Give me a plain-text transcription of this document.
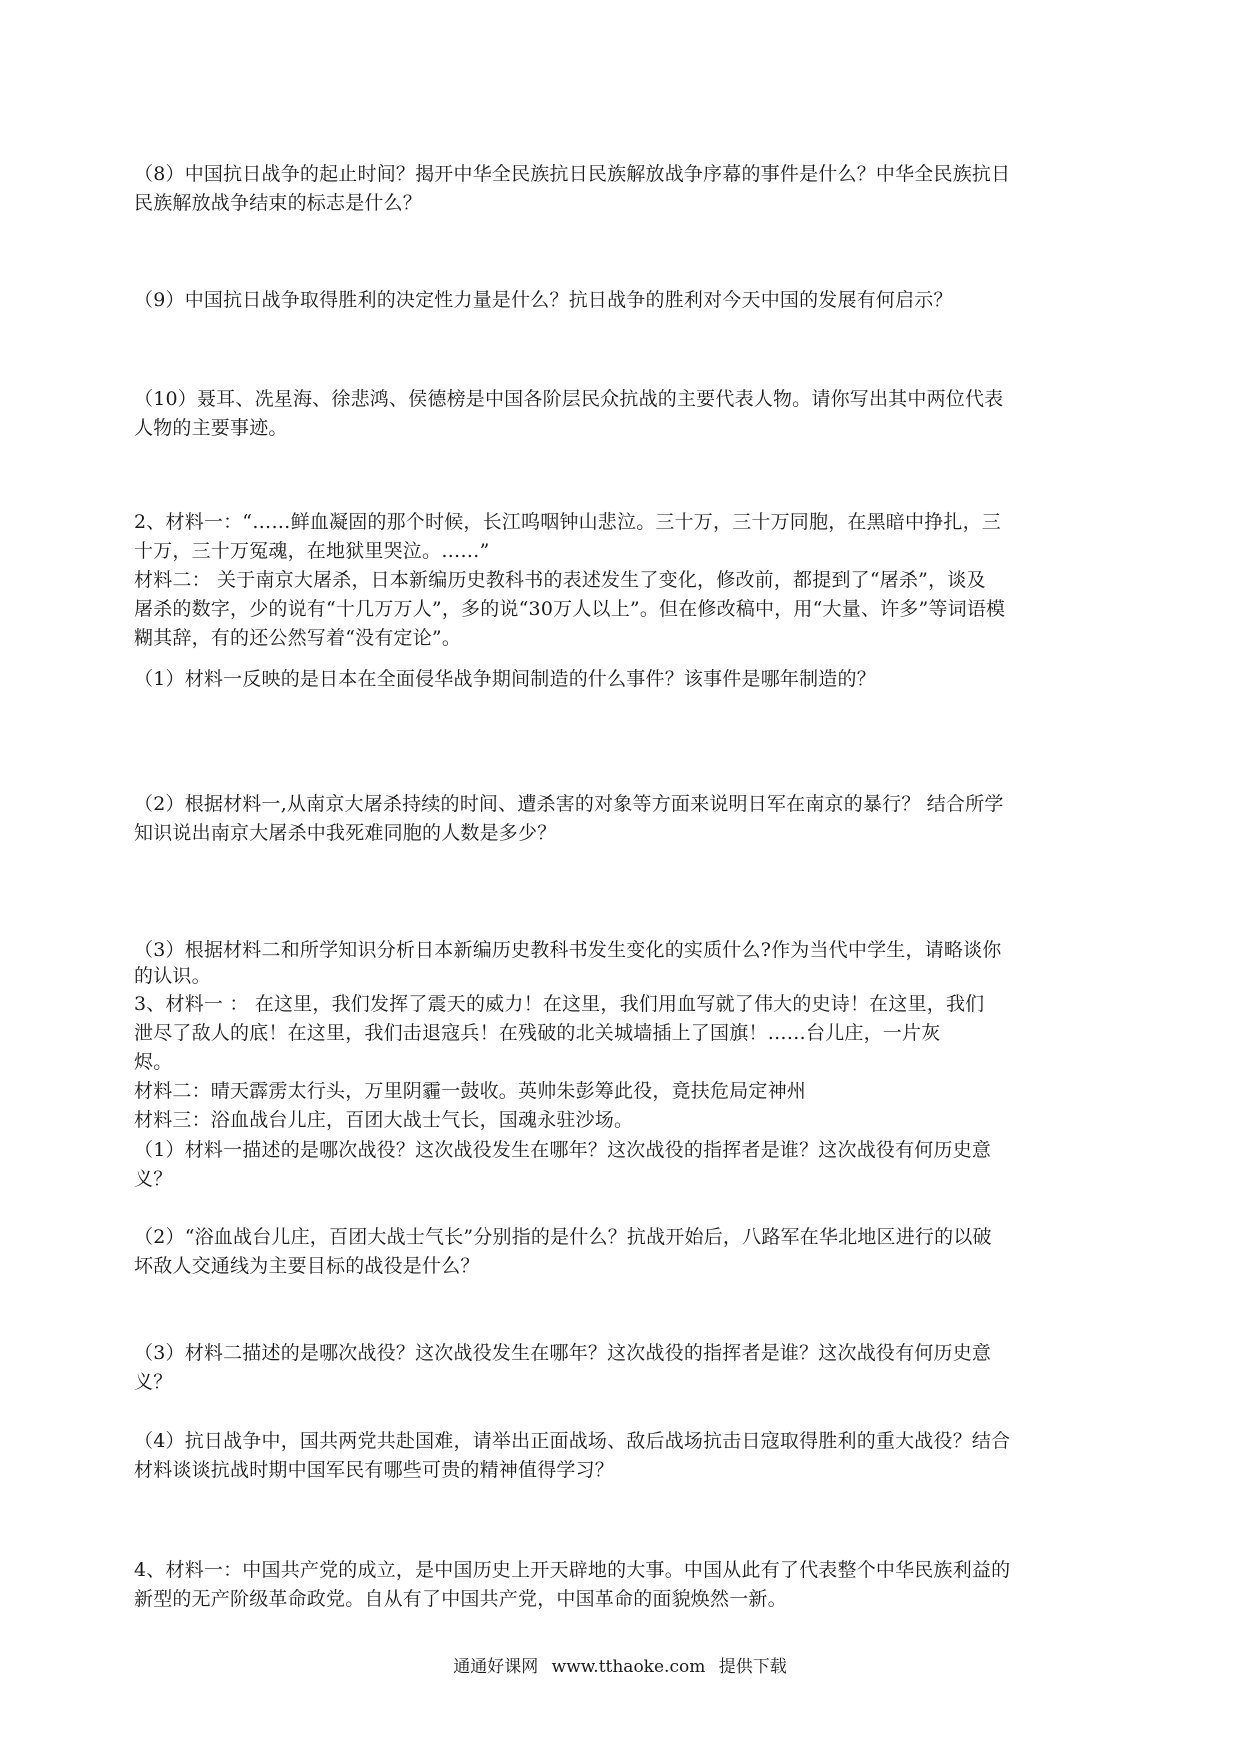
（8）中国抗日战争的起止时间？揭开中华全民族抗日民族解放战争序幕的事件是什么？中华全民族抗日
民族解放战争结束的标志是什么？
（9）中国抗日战争取得胜利的决定性力量是什么？抗日战争的胜利对今天中国的发展有何启示？
（10）聂耳、冼星海、徐悲鸿、侯德榜是中国各阶层民众抗战的主要代表人物。请你写出其中两位代表
人物的主要事迹。
2、材料一：“……鲜血凝固的那个时候，长江呜咽钟山悲泣。三十万，三十万同胞，在黑暗中挣扎，三
十万，三十万冤魂，在地狱里哭泣。……”
材料二： 关于南京大屠杀，日本新编历史教科书的表述发生了变化，修改前，都提到了“屠杀”，谈及
屠杀的数字，少的说有“十几万万人”，多的说“30万人以上”。但在修改稿中，用“大量、许多”等词语模
糊其辞，有的还公然写着“没有定论”。
（1）材料一反映的是日本在全面侵华战争期间制造的什么事件？该事件是哪年制造的？
（2）根据材料一,从南京大屠杀持续的时间、遭杀害的对象等方面来说明日军在南京的暴行？ 结合所学
知识说出南京大屠杀中我死难同胞的人数是多少？
（3）根据材料二和所学知识分析日本新编历史教科书发生变化的实质什么?作为当代中学生，请略谈你
的认识。
3、材料一 ： 在这里，我们发挥了震天的威力！在这里，我们用血写就了伟大的史诗！在这里，我们
泄尽了敌人的底！在这里，我们击退寇兵！在残破的北关城墙插上了国旗！……台儿庄，一片灰
烬。
材料二：晴天霹雳太行头，万里阴霾一鼓收。英帅朱彭筹此役，竟扶危局定神州
材料三：浴血战台儿庄，百团大战士气长，国魂永驻沙场。
（1）材料一描述的是哪次战役？这次战役发生在哪年？这次战役的指挥者是谁？这次战役有何历史意
义？
（2）“浴血战台儿庄，百团大战士气长”分别指的是什么？抗战开始后，八路军在华北地区进行的以破
坏敌人交通线为主要目标的战役是什么？
（3）材料二描述的是哪次战役？这次战役发生在哪年？这次战役的指挥者是谁？这次战役有何历史意
义？
（4）抗日战争中，国共两党共赴国难，请举出正面战场、敌后战场抗击日寇取得胜利的重大战役？结合
材料谈谈抗战时期中国军民有哪些可贵的精神值得学习？
4、材料一：中国共产党的成立，是中国历史上开天辟地的大事。中国从此有了代表整个中华民族利益的
新型的无产阶级革命政党。自从有了中国共产党，中国革命的面貌焕然一新。
通通好课网 www.tthaoke.com 提供下载
